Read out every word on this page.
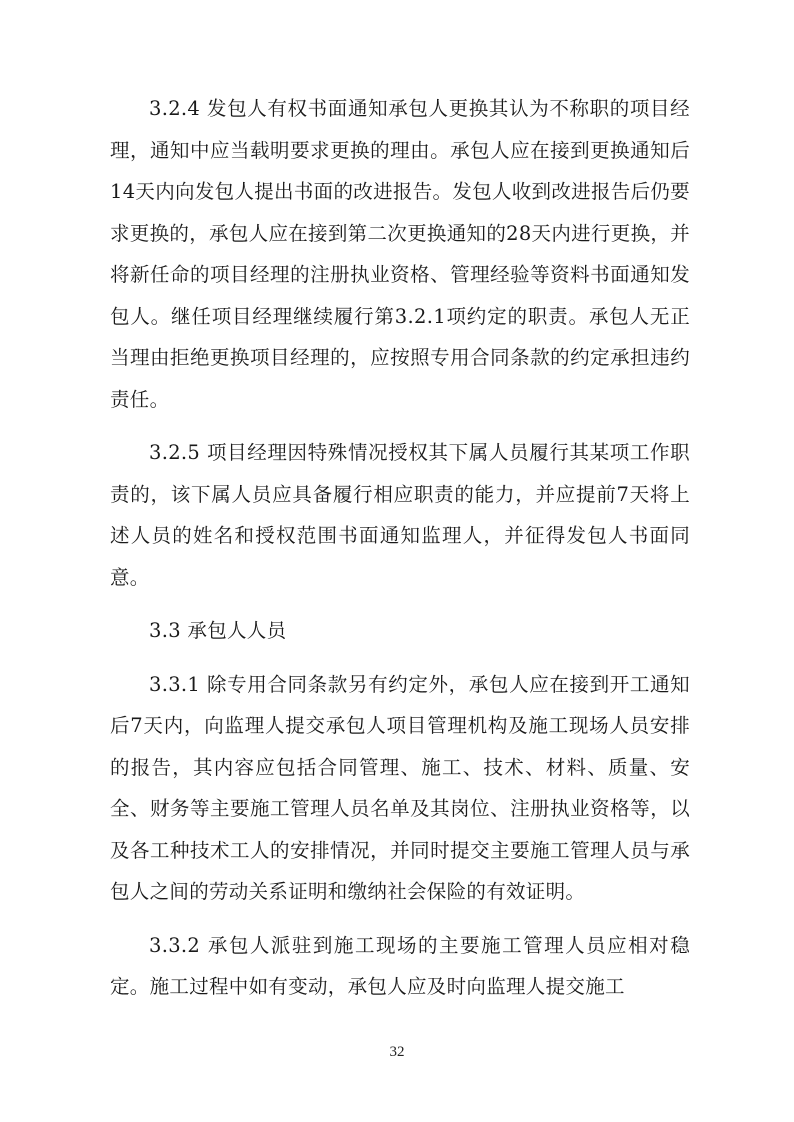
3.2.4 发包人有权书面通知承包人更换其认为不称职的项目经理，通知中应当载明要求更换的理由。承包人应在接到更换通知后14天内向发包人提出书面的改进报告。发包人收到改进报告后仍要求更换的，承包人应在接到第二次更换通知的28天内进行更换，并将新任命的项目经理的注册执业资格、管理经验等资料书面通知发包人。继任项目经理继续履行第3.2.1项约定的职责。承包人无正当理由拒绝更换项目经理的，应按照专用合同条款的约定承担违约责任。

3.2.5 项目经理因特殊情况授权其下属人员履行其某项工作职责的，该下属人员应具备履行相应职责的能力，并应提前7天将上述人员的姓名和授权范围书面通知监理人，并征得发包人书面同意。

3.3 承包人人员

3.3.1 除专用合同条款另有约定外，承包人应在接到开工通知后7天内，向监理人提交承包人项目管理机构及施工现场人员安排的报告，其内容应包括合同管理、施工、技术、材料、质量、安全、财务等主要施工管理人员名单及其岗位、注册执业资格等，以及各工种技术工人的安排情况，并同时提交主要施工管理人员与承包人之间的劳动关系证明和缴纳社会保险的有效证明。

3.3.2 承包人派驻到施工现场的主要施工管理人员应相对稳定。施工过程中如有变动，承包人应及时向监理人提交施工

32
